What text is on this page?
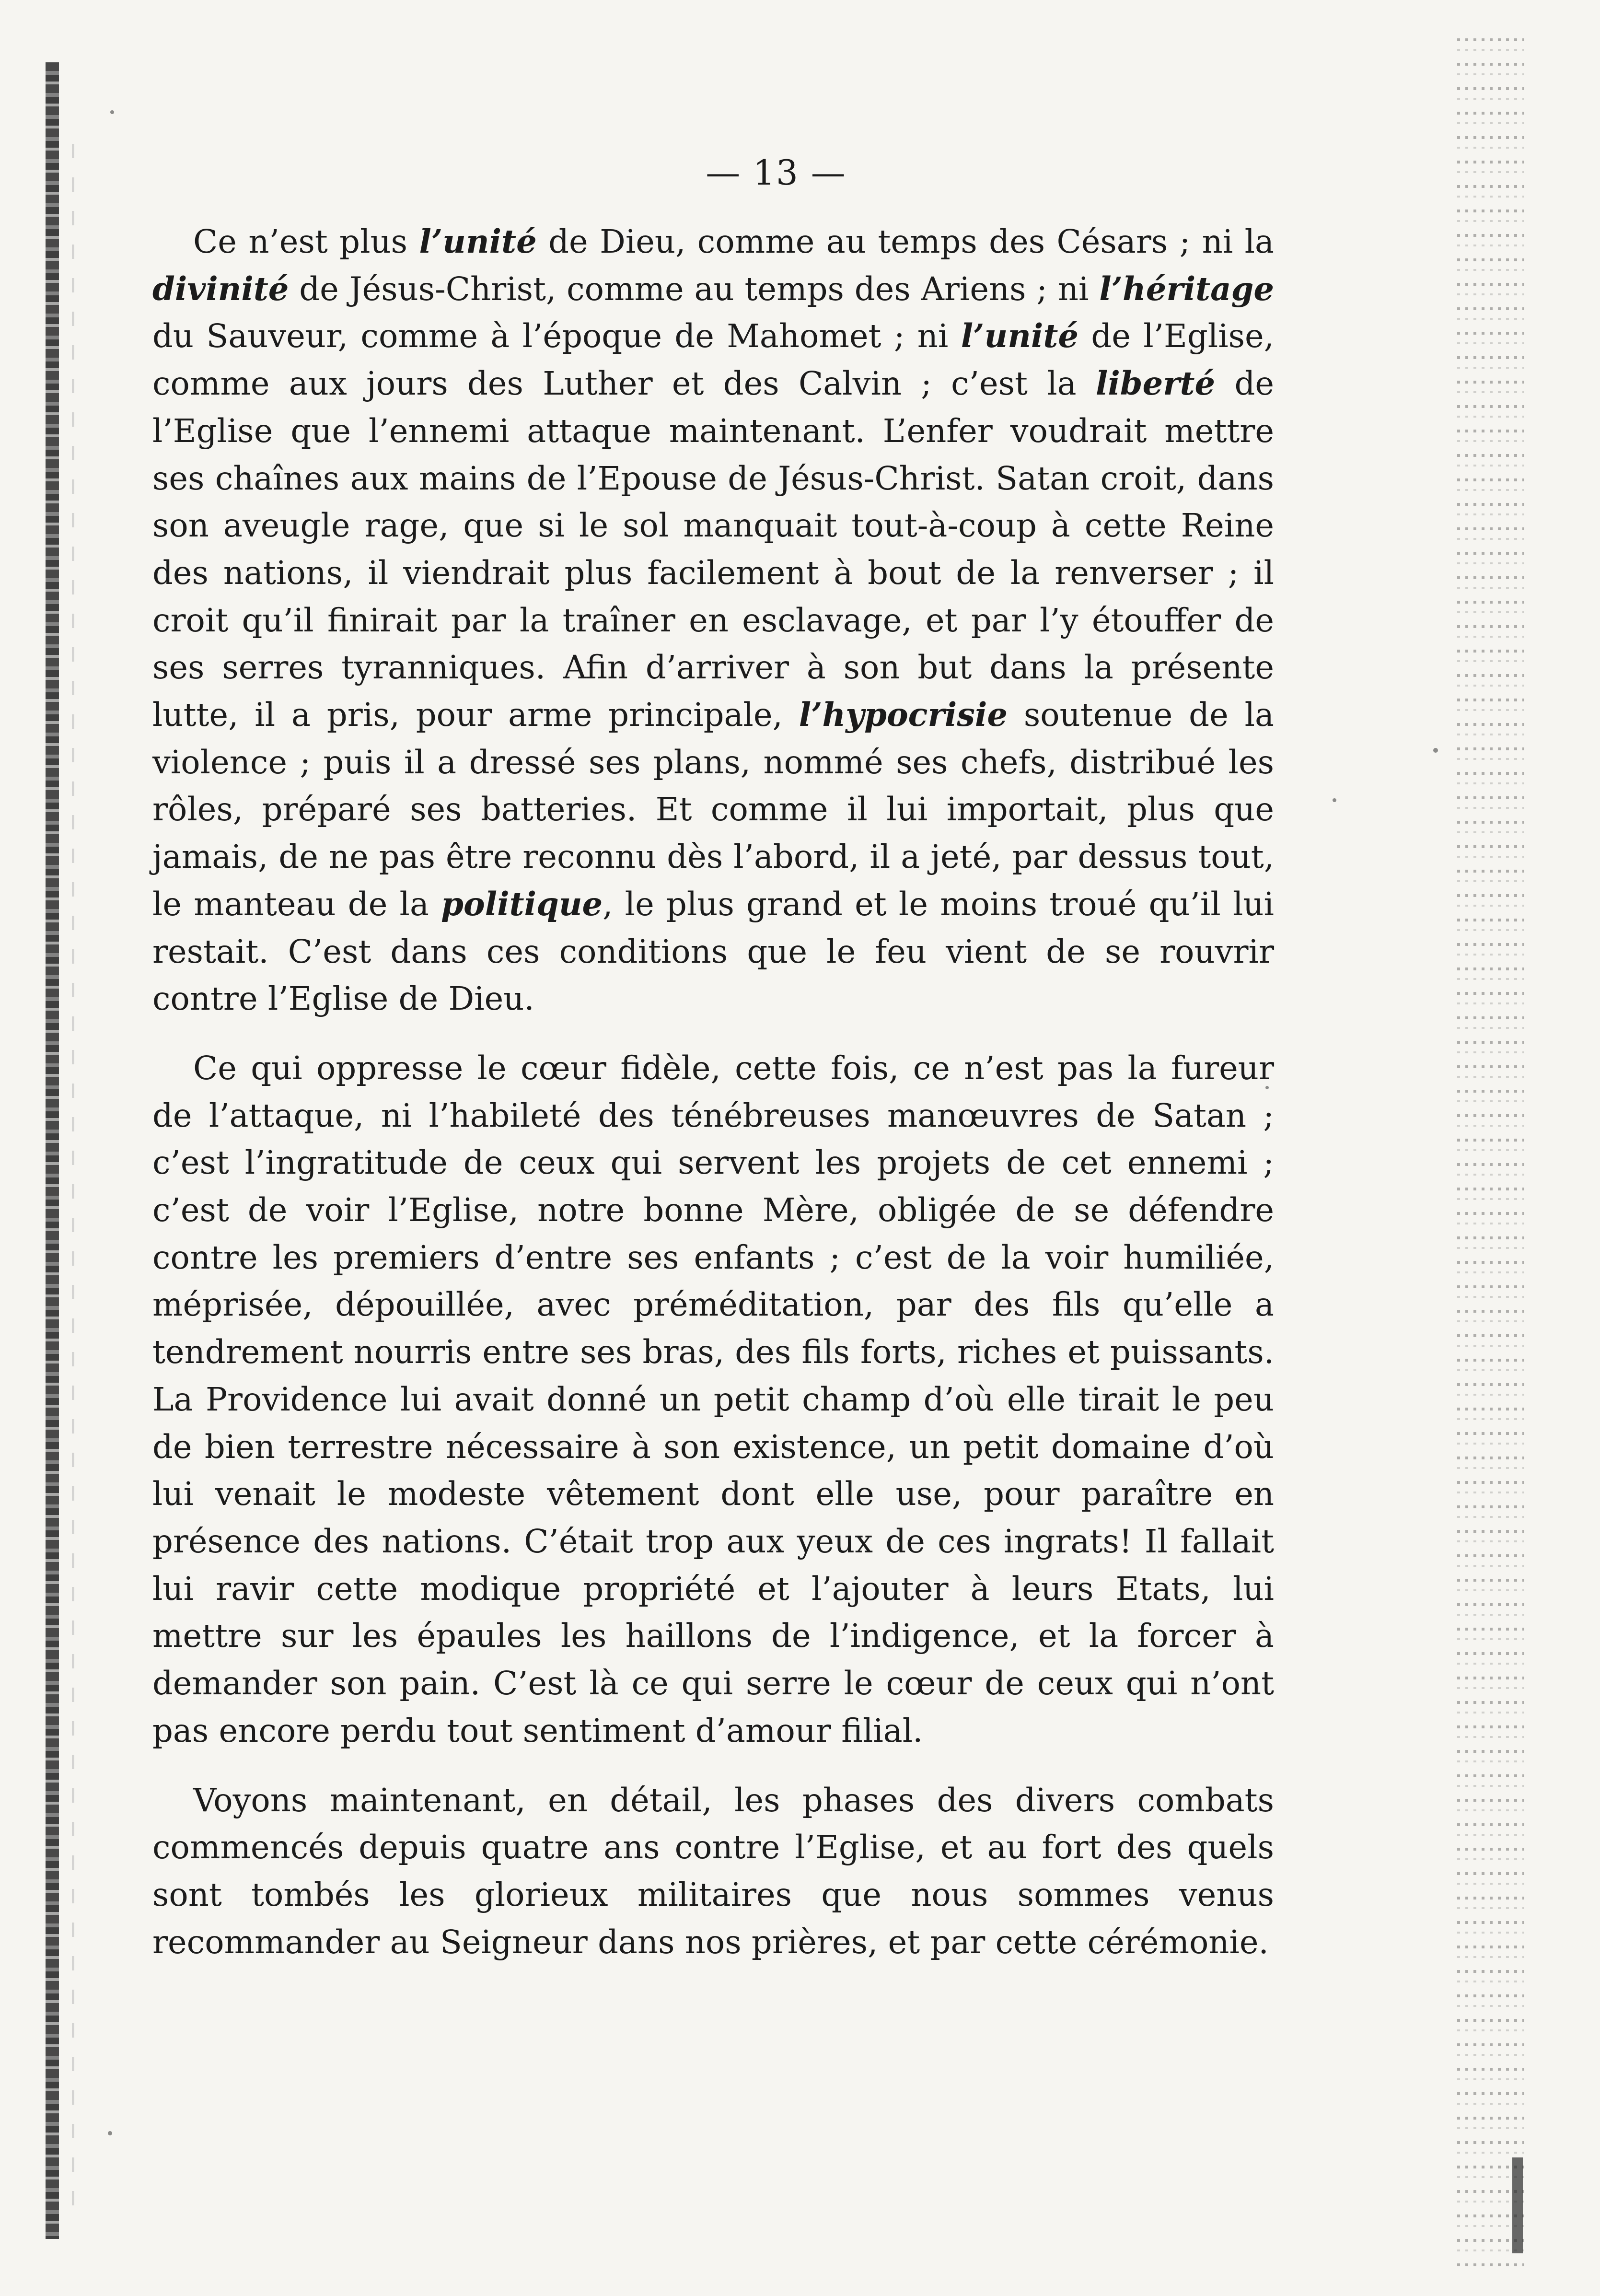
— 13 —

Ce n’est plus l’unité de Dieu, comme au temps des Césars ; ni la divinité de Jésus-Christ, comme au temps des Ariens ; ni l’héritage du Sauveur, comme à l’époque de Mahomet ; ni l’unité de l’Eglise, comme aux jours des Luther et des Calvin ; c’est la liberté de l’Eglise que l’ennemi attaque maintenant. L’enfer voudrait mettre ses chaînes aux mains de l’Epouse de Jésus-Christ. Satan croit, dans son aveugle rage, que si le sol manquait tout-à-coup à cette Reine des nations, il viendrait plus facilement à bout de la renverser ; il croit qu’il finirait par la traîner en esclavage, et par l’y étouffer de ses serres tyranniques. Afin d’arriver à son but dans la présente lutte, il a pris, pour arme principale, l’hypocrisie soutenue de la violence ; puis il a dressé ses plans, nommé ses chefs, distribué les rôles, préparé ses batteries. Et comme il lui importait, plus que jamais, de ne pas être reconnu dès l’abord, il a jeté, par dessus tout, le manteau de la politique, le plus grand et le moins troué qu’il lui restait. C’est dans ces conditions que le feu vient de se rouvrir contre l’Eglise de Dieu.

Ce qui oppresse le cœur fidèle, cette fois, ce n’est pas la fureur de l’attaque, ni l’habileté des ténébreuses manœuvres de Satan ; c’est l’ingratitude de ceux qui servent les projets de cet ennemi ; c’est de voir l’Eglise, notre bonne Mère, obligée de se défendre contre les premiers d’entre ses enfants ; c’est de la voir humiliée, méprisée, dépouillée, avec préméditation, par des fils qu’elle a tendrement nourris entre ses bras, des fils forts, riches et puissants. La Providence lui avait donné un petit champ d’où elle tirait le peu de bien terrestre nécessaire à son existence, un petit domaine d’où lui venait le modeste vêtement dont elle use, pour paraître en présence des nations. C’était trop aux yeux de ces ingrats! Il fallait lui ravir cette modique propriété et l’ajouter à leurs Etats, lui mettre sur les épaules les haillons de l’indigence, et la forcer à demander son pain. C’est là ce qui serre le cœur de ceux qui n’ont pas encore perdu tout sentiment d’amour filial.

Voyons maintenant, en détail, les phases des divers combats commencés depuis quatre ans contre l’Eglise, et au fort des quels sont tombés les glorieux militaires que nous sommes venus recommander au Seigneur dans nos prières, et par cette cérémonie.
